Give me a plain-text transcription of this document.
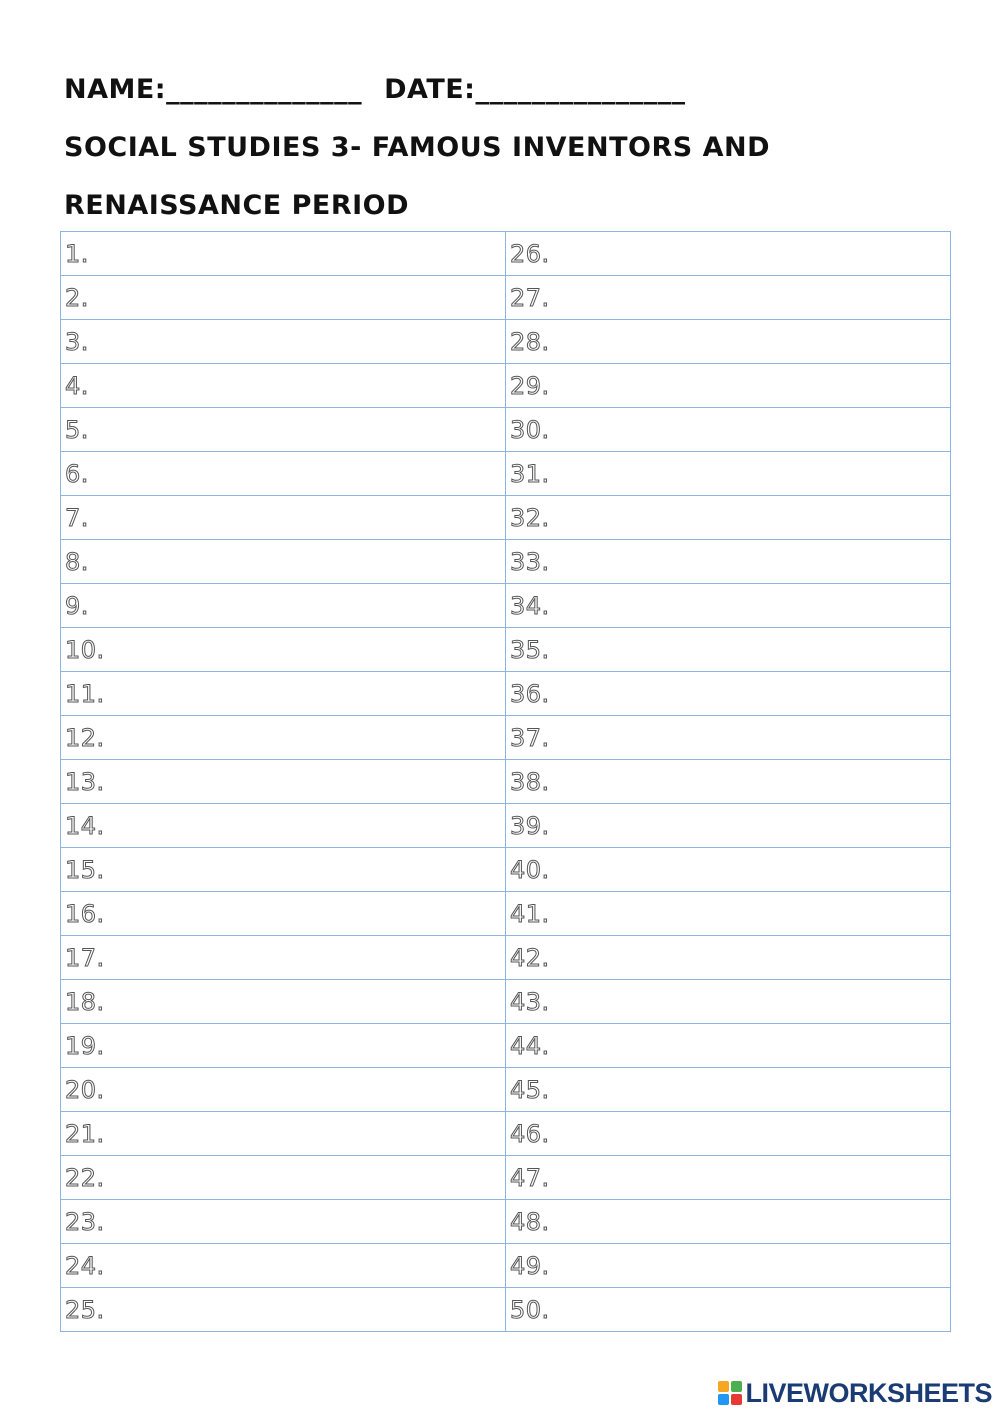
NAME:______________ DATE:_______________
SOCIAL STUDIES 3- FAMOUS INVENTORS AND
RENAISSANCE PERIOD
1.	26.
2.	27.
3.	28.
4.	29.
5.	30.
6.	31.
7.	32.
8.	33.
9.	34.
10.	35.
11.	36.
12.	37.
13.	38.
14.	39.
15.	40.
16.	41.
17.	42.
18.	43.
19.	44.
20.	45.
21.	46.
22.	47.
23.	48.
24.	49.
25.	50.
LIVEWORKSHEETS
